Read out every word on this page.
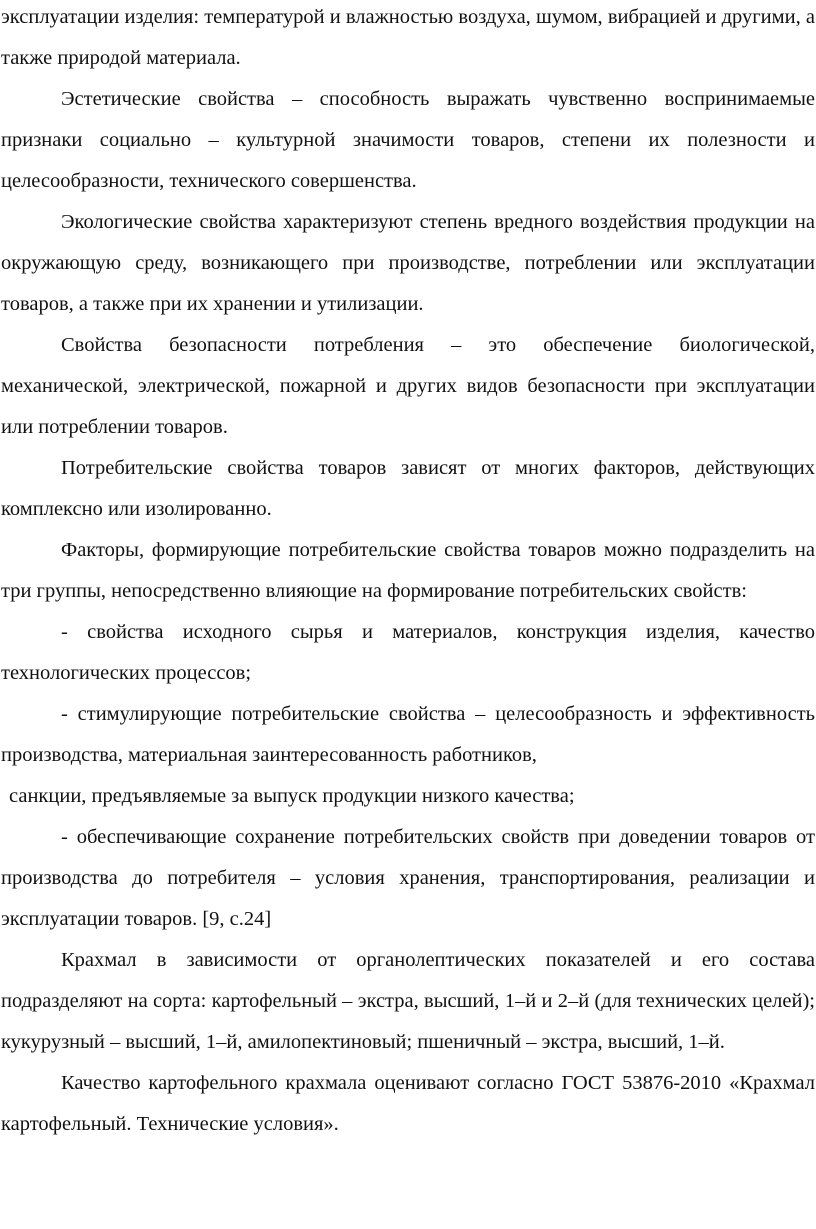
эксплуатации изделия: температурой и влажностью воздуха, шумом, вибрацией и другими, а также природой материала.

Эстетические свойства – способность выражать чувственно воспринимаемые признаки социально – культурной значимости товаров, степени их полезности и целесообразности, технического совершенства.

Экологические свойства характеризуют степень вредного воздействия продукции на окружающую среду, возникающего при производстве, потреблении или эксплуатации товаров, а также при их хранении и утилизации.

Свойства безопасности потребления – это обеспечение биологической, механической, электрической, пожарной и других видов безопасности при эксплуатации или потреблении товаров.

Потребительские свойства товаров зависят от многих факторов, действующих комплексно или изолированно.

Факторы, формирующие потребительские свойства товаров можно подразделить на три группы, непосредственно влияющие на формирование потребительских свойств:

- свойства исходного сырья и материалов, конструкция изделия, качество технологических процессов;

- стимулирующие потребительские свойства – целесообразность и эффективность производства, материальная заинтересованность работников,

санкции, предъявляемые за выпуск продукции низкого качества;

- обеспечивающие сохранение потребительских свойств при доведении товаров от производства до потребителя – условия хранения, транспортирования, реализации и эксплуатации товаров. [9, с.24]

Крахмал в зависимости от органолептических показателей и его состава подразделяют на сорта: картофельный – экстра, высший, 1–й и 2–й (для технических целей); кукурузный – высший, 1–й, амилопектиновый; пшеничный – экстра, высший, 1–й.

Качество картофельного крахмала оценивают согласно ГОСТ 53876-2010 «Крахмал картофельный. Технические условия».
